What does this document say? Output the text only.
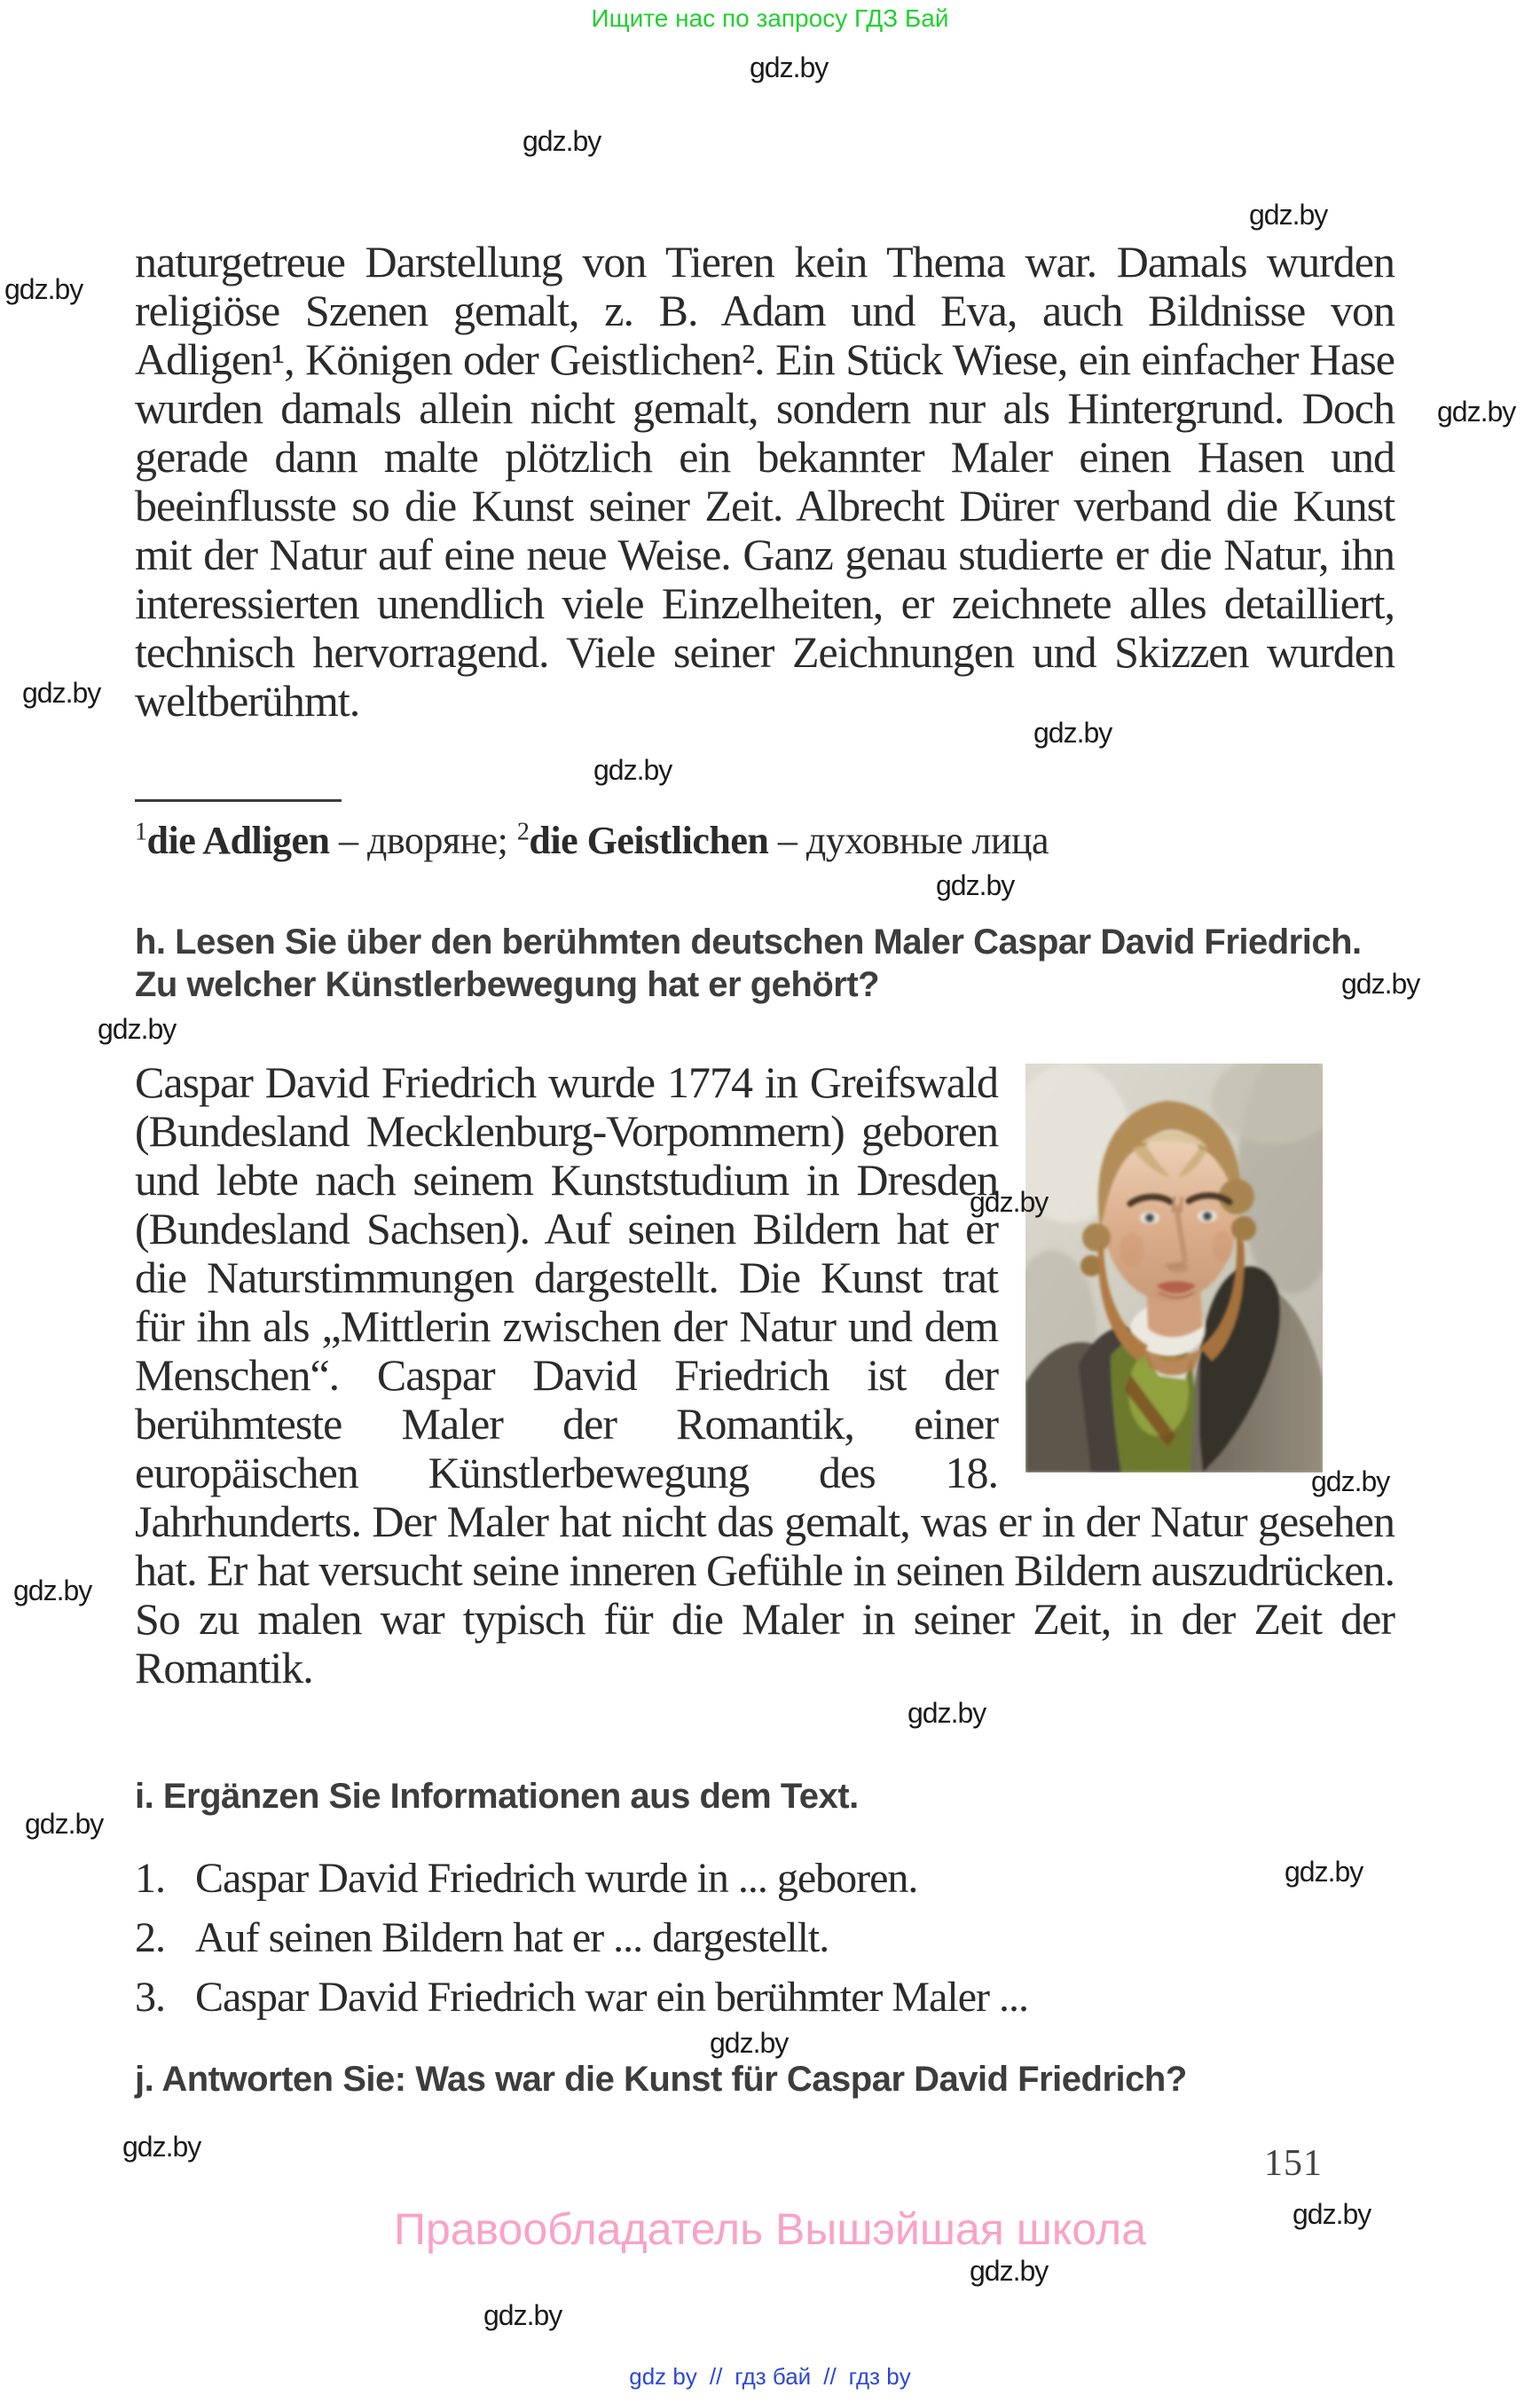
Ищите нас по запросу ГДЗ Бай
gdz.by
gdz.by
gdz.by
gdz.by
gdz.by
gdz.by
gdz.by
gdz.by
gdz.by
gdz.by
gdz.by
gdz.by
gdz.by
gdz.by
gdz.by
gdz.by
gdz.by
gdz.by
gdz.by
gdz.by
gdz.by
gdz.by
naturgetreue Darstellung von Tieren kein Thema war. Damals wurden religiöse Szenen gemalt, z. B. Adam und Eva, auch Bildnisse von Adligen¹, Königen oder Geistlichen². Ein Stück Wiese, ein einfacher Hase wurden damals allein nicht gemalt, sondern nur als Hintergrund. Doch gerade dann malte plötzlich ein bekannter Maler einen Hasen und beeinflusste so die Kunst seiner Zeit. Albrecht Dürer verband die Kunst mit der Natur auf eine neue Weise. Ganz genau studierte er die Natur, ihn interessierten unendlich viele Einzelheiten, er zeichnete alles detailliert, technisch hervorragend. Viele seiner Zeichnungen und Skizzen wurden weltberühmt.
$^1$die Adligen – дворяне; $^2$die Geistlichen – духовные лица
h. Lesen Sie über den berühmten deutschen Maler Caspar David Friedrich. Zu welcher Künstlerbewegung hat er gehört?
Caspar David Friedrich wurde 1774 in Greifswald (Bundesland Mecklenburg-Vorpommern) geboren und lebte nach seinem Kunststudium in Dresden (Bundesland Sachsen). Auf seinen Bildern hat er die Naturstimmungen dargestellt. Die Kunst trat für ihn als „Mittlerin zwischen der Natur und dem Menschen“. Caspar David Friedrich ist der berühmteste Maler der Romantik, einer europäischen Künstlerbewegung des 18. Jahrhunderts. Der Maler hat nicht das gemalt, was er in der Natur gesehen hat. Er hat versucht seine inneren Gefühle in seinen Bildern auszudrücken. So zu malen war typisch für die Maler in seiner Zeit, in der Zeit der Romantik.
i. Ergänzen Sie Informationen aus dem Text.
1. Caspar David Friedrich wurde in ... geboren.
2. Auf seinen Bildern hat er ... dargestellt.
3. Caspar David Friedrich war ein berühmter Maler ...
j. Antworten Sie: Was war die Kunst für Caspar David Friedrich?
151
Правообладатель Вышэйшая школа
gdz by // гдз бай // гдз by
